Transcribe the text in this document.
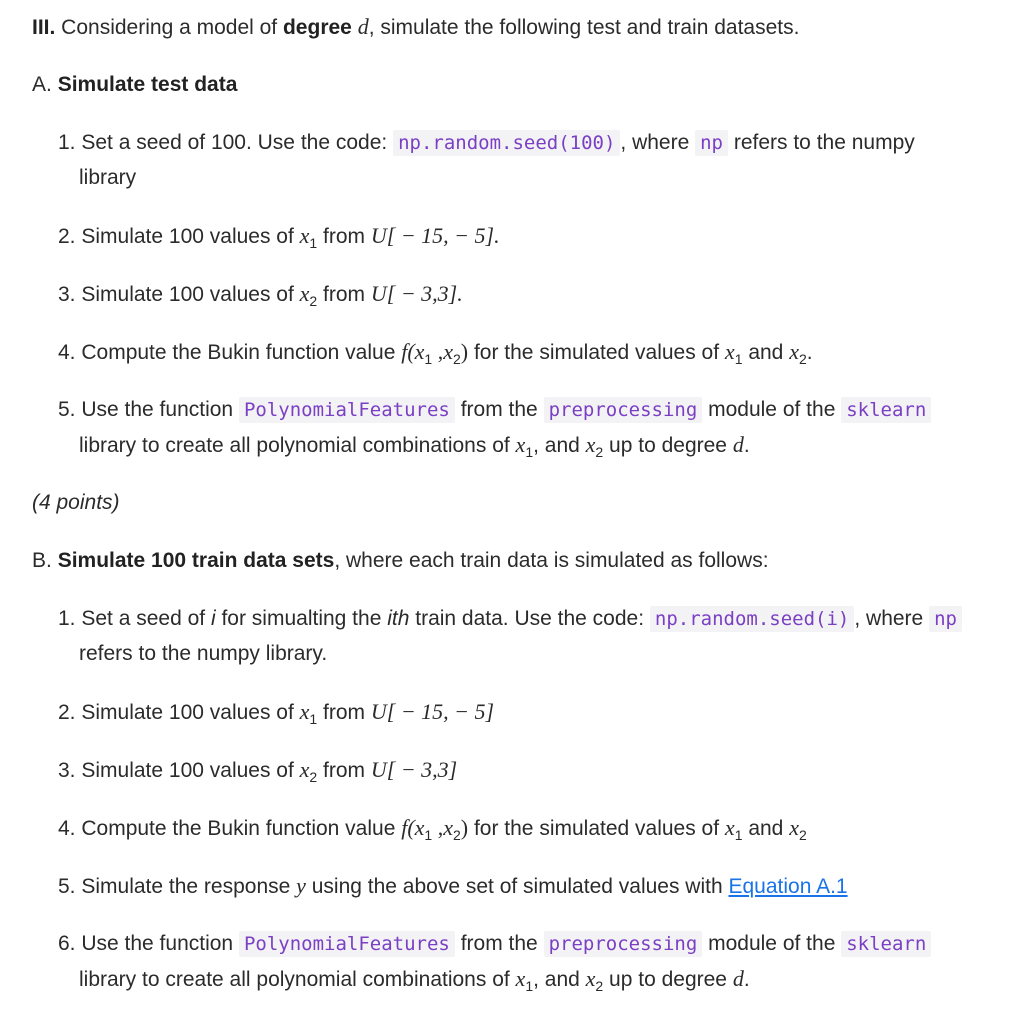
III. Considering a model of degree d, simulate the following test and train datasets.
A. Simulate test data
1. Set a seed of 100. Use the code: np.random.seed(100) , where np refers to the numpy
library
2. Simulate 100 values of $x_1$ from U[ − 15, − 5].
3. Simulate 100 values of $x_2$ from U[ − 3,3].
4. Compute the Bukin function value $f(x_1$ $,x_2$) for the simulated values of $x_1$ and $x_2$.
5. Use the function PolynomialFeatures from the preprocessing module of the sklearn
library to create all polynomial combinations of $x_1$, and $x_2$ up to degree d.
(4 points)
B. Simulate 100 train data sets, where each train data is simulated as follows:
1. Set a seed of i for simualting the ith train data. Use the code: np.random.seed(i) , where np
refers to the numpy library.
2. Simulate 100 values of $x_1$ from U[ − 15, − 5]
3. Simulate 100 values of $x_2$ from U[ − 3,3]
4. Compute the Bukin function value $f(x_1$ $,x_2$) for the simulated values of $x_1$ and $x_2$
5. Simulate the response y using the above set of simulated values with Equation A.1
6. Use the function PolynomialFeatures from the preprocessing module of the sklearn
library to create all polynomial combinations of $x_1$, and $x_2$ up to degree d.
